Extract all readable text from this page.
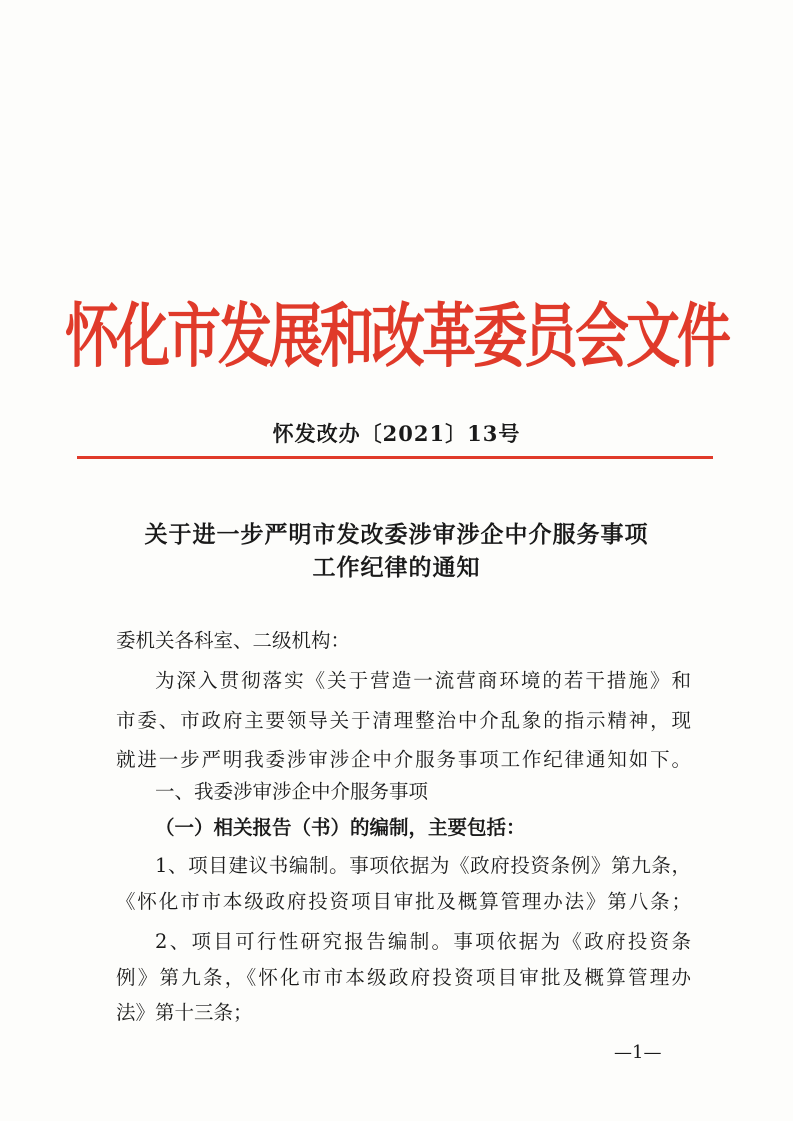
怀化市发展和改革委员会文件
怀发改办〔2021〕13号
关于进一步严明市发改委涉审涉企中介服务事项
工作纪律的通知
委机关各科室、二级机构：
为深入贯彻落实《关于营造一流营商环境的若干措施》和
市委、市政府主要领导关于清理整治中介乱象的指示精神，现
就进一步严明我委涉审涉企中介服务事项工作纪律通知如下。
一、我委涉审涉企中介服务事项
（一）相关报告（书）的编制，主要包括：
1、项目建议书编制。事项依据为《政府投资条例》第九条，
《怀化市市本级政府投资项目审批及概算管理办法》第八条；
2、项目可行性研究报告编制。事项依据为《政府投资条
例》第九条，《怀化市市本级政府投资项目审批及概算管理办
法》第十三条；
—1—
